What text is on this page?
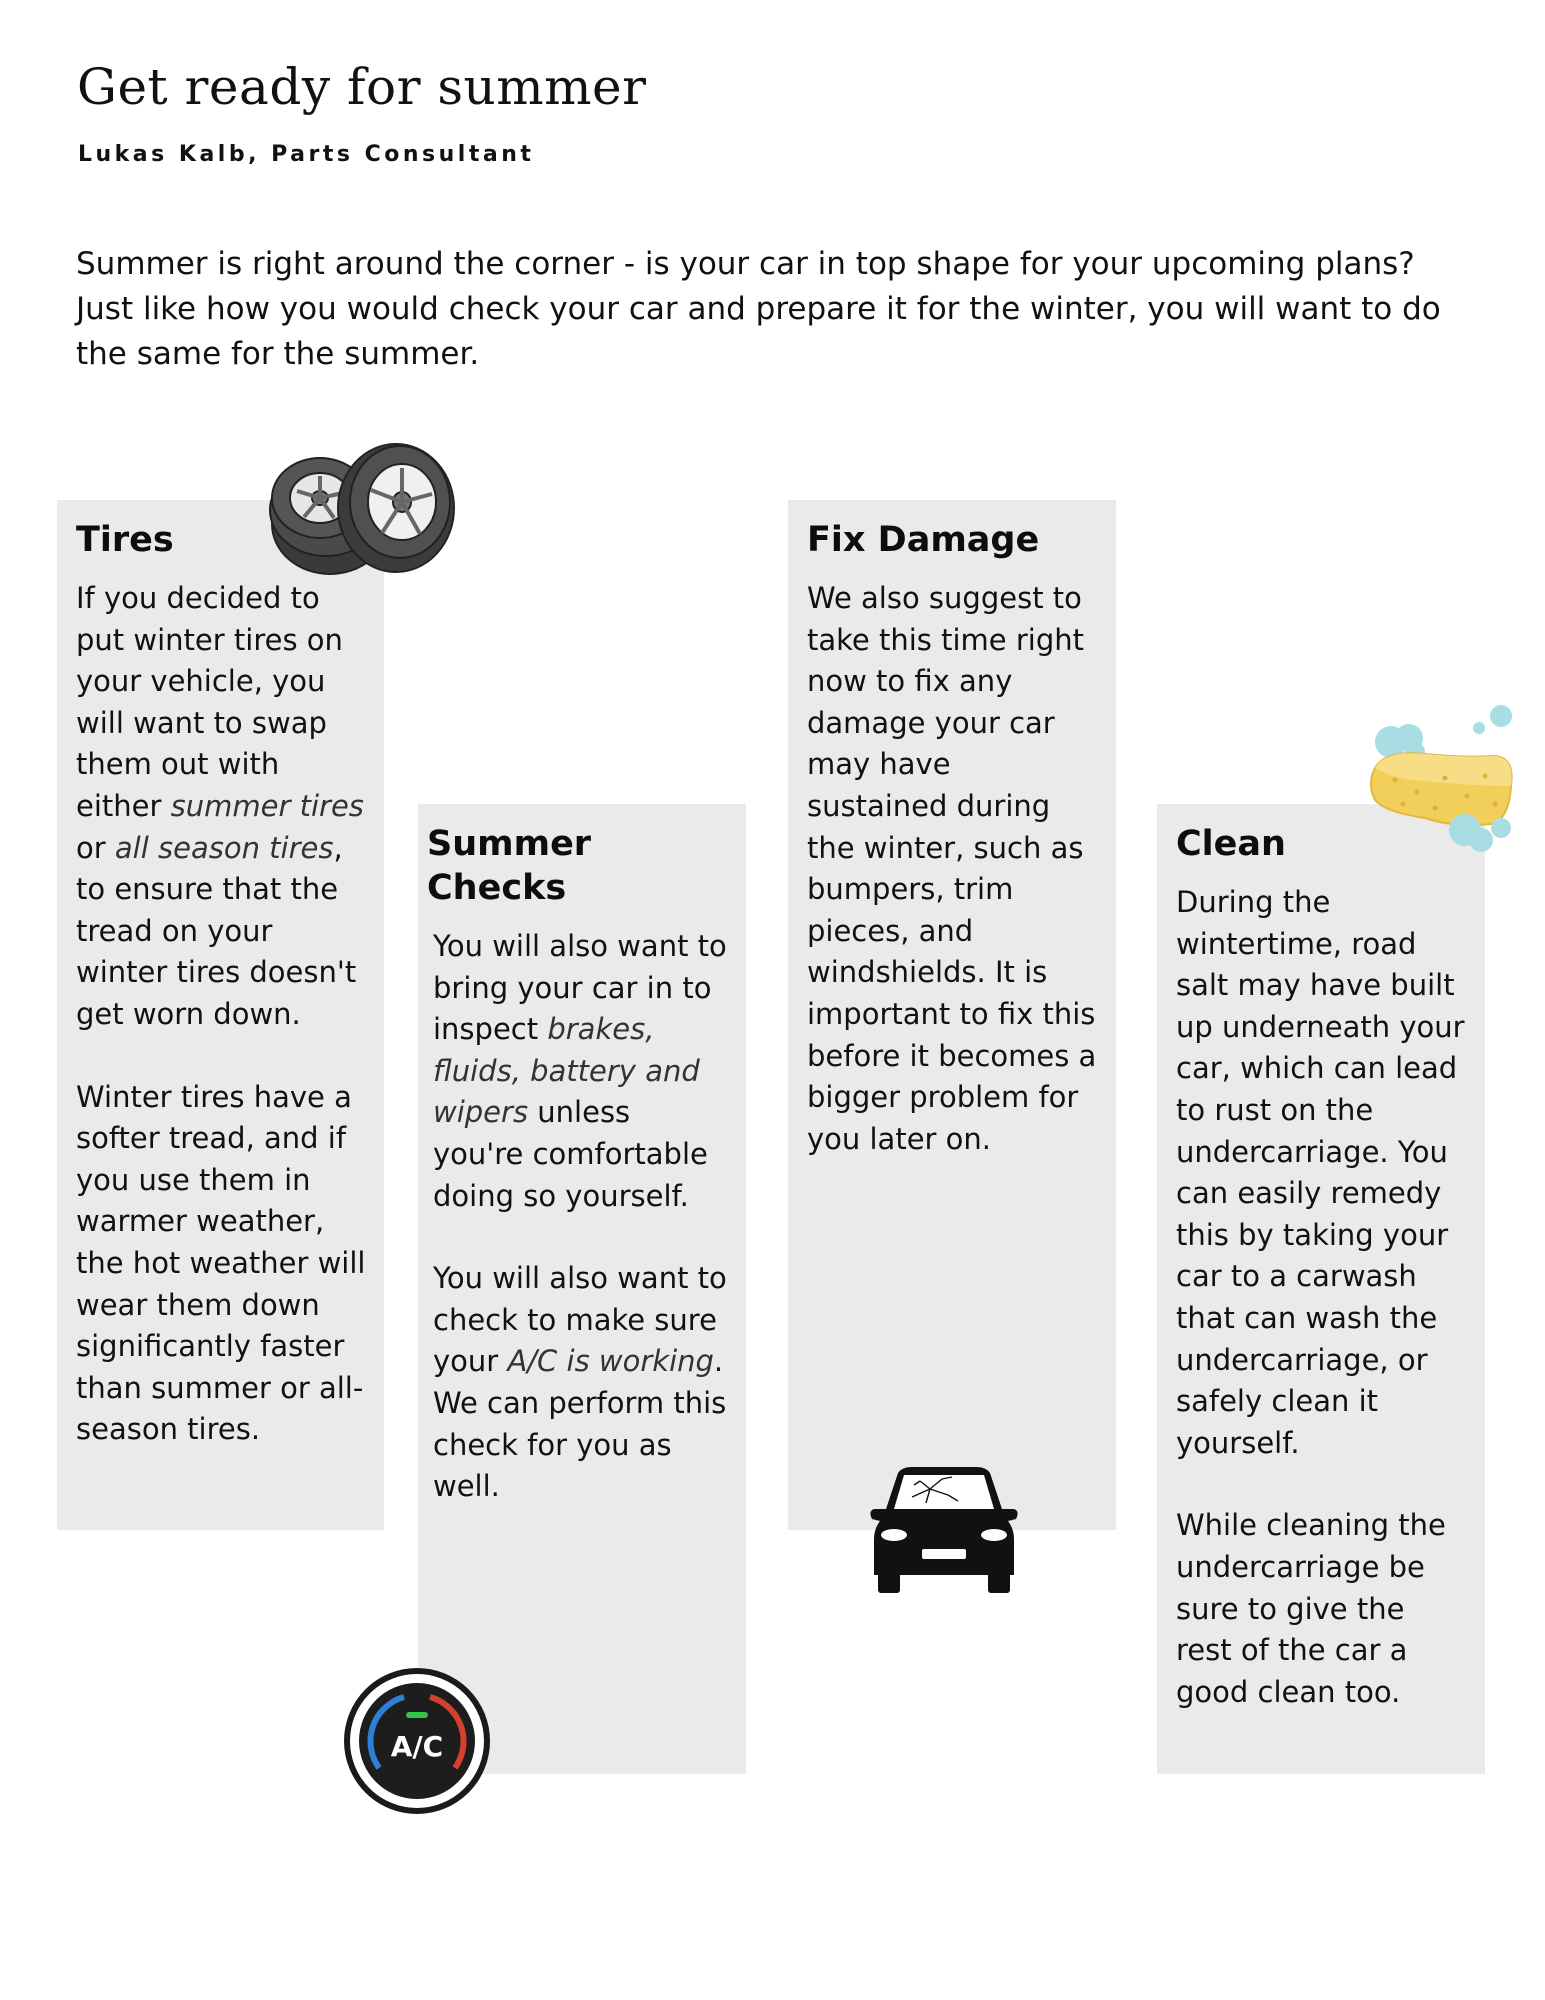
Get ready for summer
Lukas Kalb, Parts Consultant

Summer is right around the corner - is your car in top shape for your upcoming plans? Just like how you would check your car and prepare it for the winter, you will want to do the same for the summer.

Tires

If you decided to put winter tires on your vehicle, you will want to swap them out with either summer tires or all season tires, to ensure that the tread on your winter tires doesn't get worn down.

Winter tires have a softer tread, and if you use them in warmer weather, the hot weather will wear them down significantly faster than summer or all-season tires.

Summer Checks

You will also want to bring your car in to inspect brakes, fluids, battery and wipers unless you're comfortable doing so yourself.

You will also want to check to make sure your A/C is working. We can perform this check for you as well.

Fix Damage

We also suggest to take this time right now to fix any damage your car may have sustained during the winter, such as bumpers, trim pieces, and windshields. It is important to fix this before it becomes a bigger problem for you later on.

Clean

During the wintertime, road salt may have built up underneath your car, which can lead to rust on the undercarriage. You can easily remedy this by taking your car to a carwash that can wash the undercarriage, or safely clean it yourself.

While cleaning the undercarriage be sure to give the rest of the car a good clean too.

A/C
